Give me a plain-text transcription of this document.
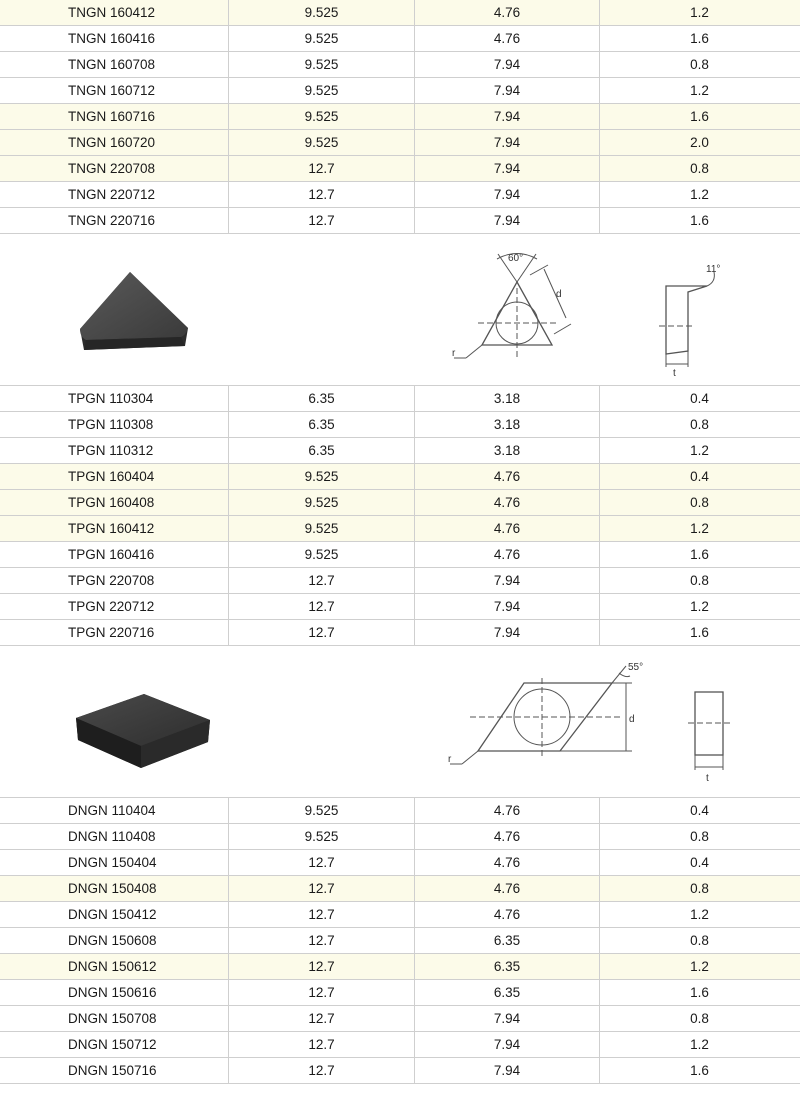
TNGN 160412	9.525	4.76	1.2
TNGN 160416	9.525	4.76	1.6
TNGN 160708	9.525	7.94	0.8
TNGN 160712	9.525	7.94	1.2
TNGN 160716	9.525	7.94	1.6
TNGN 160720	9.525	7.94	2.0
TNGN 220708	12.7	7.94	0.8
TNGN 220712	12.7	7.94	1.2
TNGN 220716	12.7	7.94	1.6
60°
d
r
11°
t
TPGN 110304	6.35	3.18	0.4
TPGN 110308	6.35	3.18	0.8
TPGN 110312	6.35	3.18	1.2
TPGN 160404	9.525	4.76	0.4
TPGN 160408	9.525	4.76	0.8
TPGN 160412	9.525	4.76	1.2
TPGN 160416	9.525	4.76	1.6
TPGN 220708	12.7	7.94	0.8
TPGN 220712	12.7	7.94	1.2
TPGN 220716	12.7	7.94	1.6
55°
d
r
t
DNGN 110404	9.525	4.76	0.4
DNGN 110408	9.525	4.76	0.8
DNGN 150404	12.7	4.76	0.4
DNGN 150408	12.7	4.76	0.8
DNGN 150412	12.7	4.76	1.2
DNGN 150608	12.7	6.35	0.8
DNGN 150612	12.7	6.35	1.2
DNGN 150616	12.7	6.35	1.6
DNGN 150708	12.7	7.94	0.8
DNGN 150712	12.7	7.94	1.2
DNGN 150716	12.7	7.94	1.6
